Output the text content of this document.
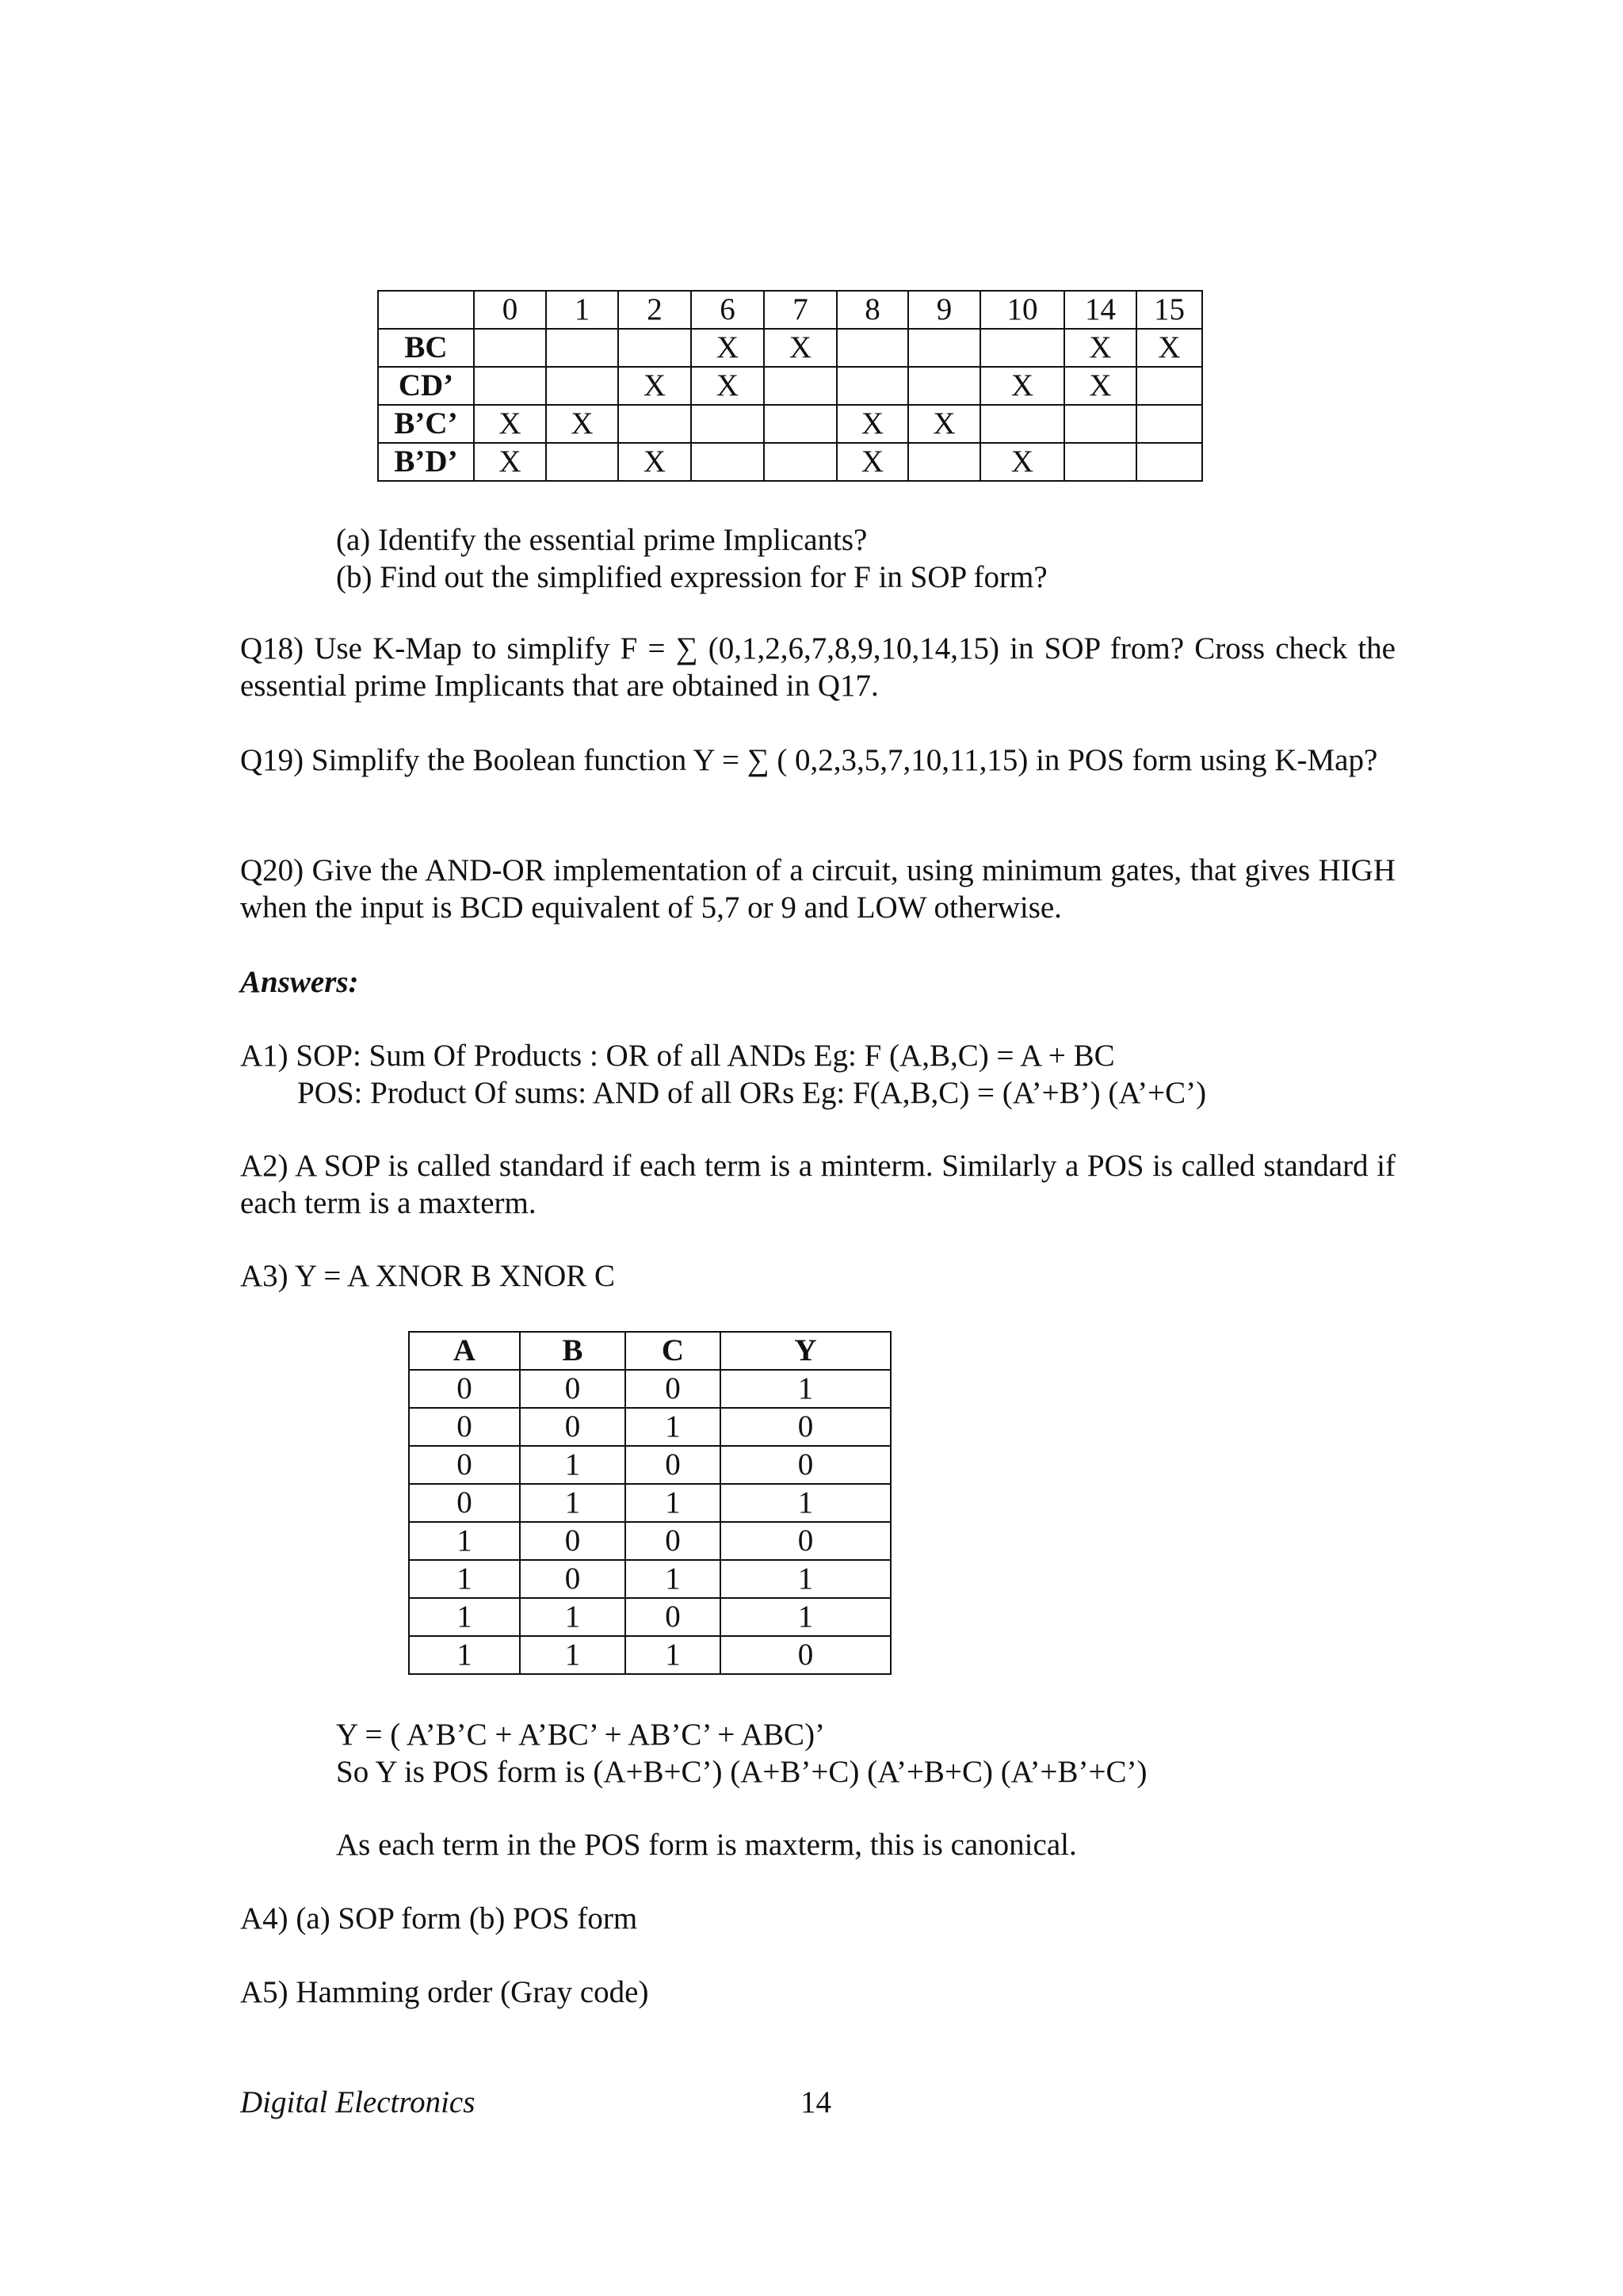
	0	1	2	6	7	8	9	10	14	15
BC				X	X				X	X
CD’			X	X				X	X	
B’C’	X	X				X	X			
B’D’	X		X			X		X		
(a) Identify the essential prime Implicants?
(b) Find out the simplified expression for F in SOP form?
Q18) Use K-Map to simplify F = ∑ (0,1,2,6,7,8,9,10,14,15) in SOP from? Cross check the essential prime Implicants that are obtained in Q17.
Q19) Simplify the Boolean function Y = ∑ ( 0,2,3,5,7,10,11,15) in POS form using K-Map?
Q20) Give the AND-OR implementation of a circuit, using minimum gates, that gives HIGH when the input is BCD equivalent of 5,7 or 9 and LOW otherwise.
Answers:
A1) SOP: Sum Of Products : OR of all ANDs Eg: F (A,B,C) = A + BC
POS: Product Of sums: AND of all ORs Eg: F(A,B,C) = (A’+B’) (A’+C’)
A2) A SOP is called standard if each term is a minterm. Similarly a POS is called standard if each term is a maxterm.
A3) Y = A XNOR B XNOR C
A	B	C	Y
0	0	0	1
0	0	1	0
0	1	0	0
0	1	1	1
1	0	0	0
1	0	1	1
1	1	0	1
1	1	1	0
Y = ( A’B’C + A’BC’ + AB’C’ + ABC)’
So Y is POS form is (A+B+C’) (A+B’+C) (A’+B+C) (A’+B’+C’)
As each term in the POS form is maxterm, this is canonical.
A4) (a) SOP form (b) POS form
A5) Hamming order (Gray code)
Digital Electronics	14
